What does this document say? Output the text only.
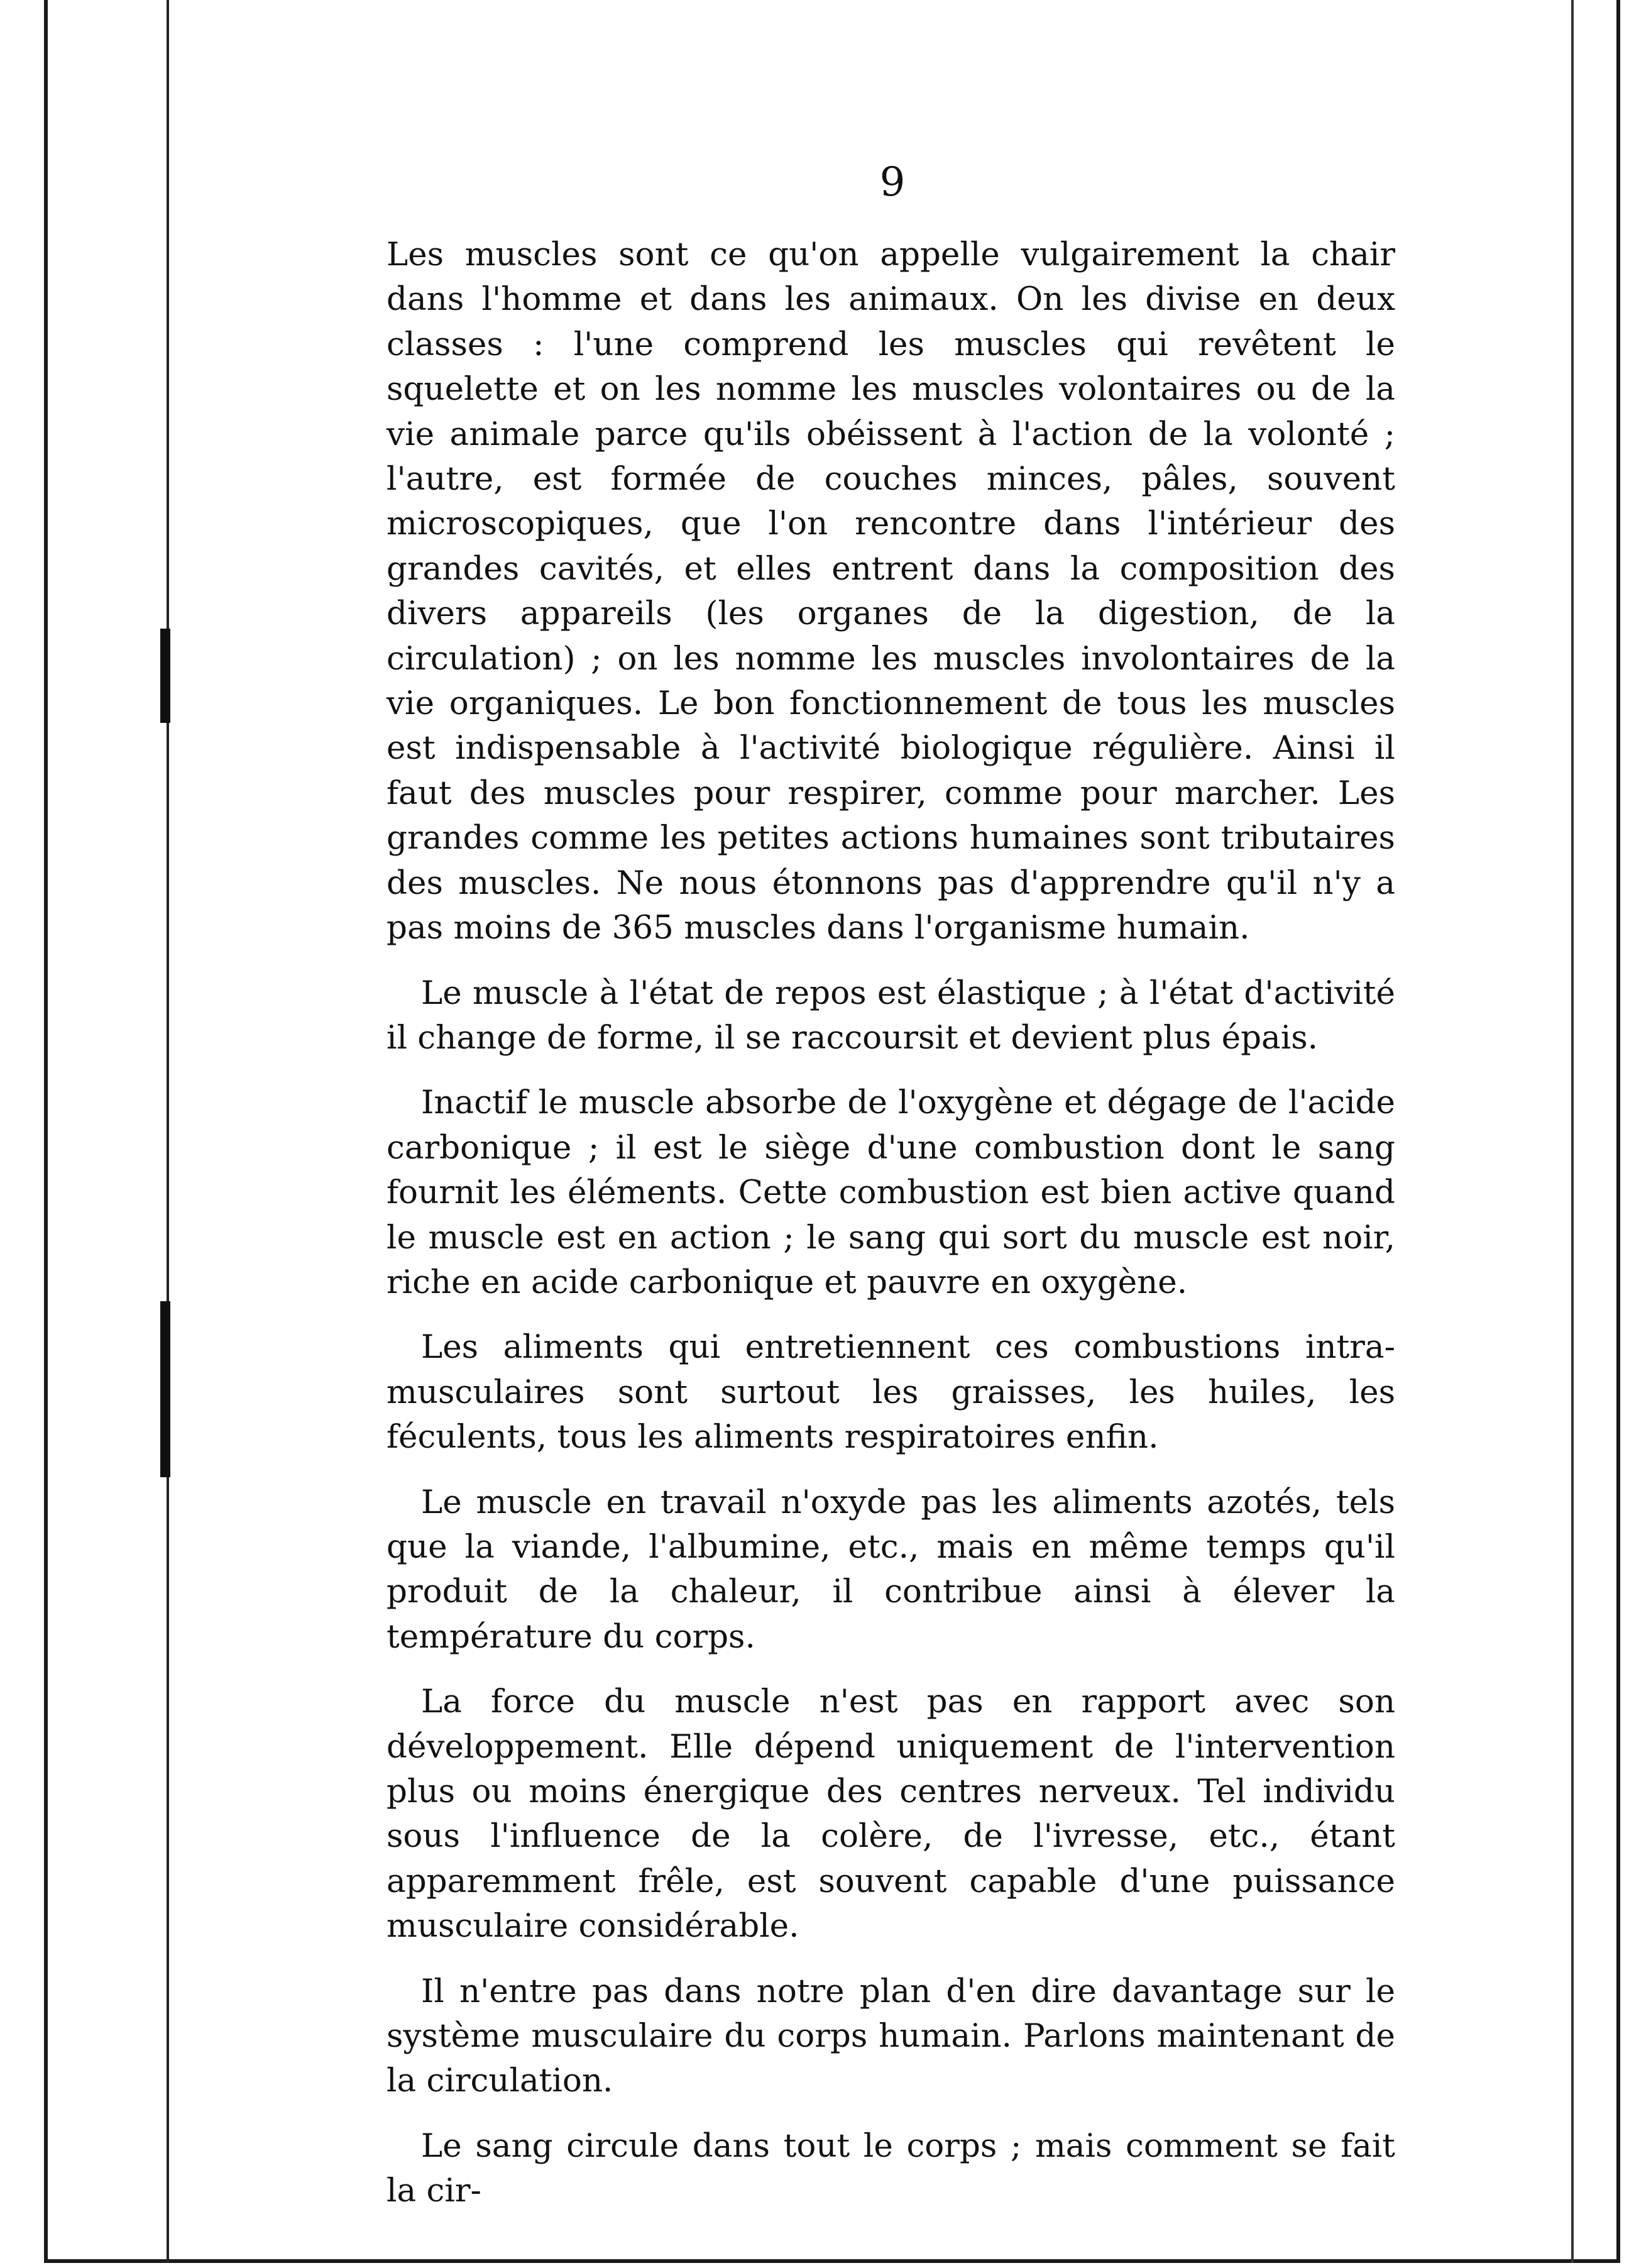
9

Les muscles sont ce qu'on appelle vulgairement la chair dans l'homme et dans les animaux. On les divise en deux classes : l'une comprend les muscles qui revêtent le squelette et on les nomme les muscles volontaires ou de la vie animale parce qu'ils obéissent à l'action de la volonté ; l'autre, est formée de couches minces, pâles, souvent microscopiques, que l'on rencontre dans l'intérieur des grandes cavités, et elles entrent dans la composition des divers appareils (les organes de la digestion, de la circulation) ; on les nomme les muscles involontaires de la vie organiques. Le bon fonctionnement de tous les muscles est indispensable à l'activité biologique régulière. Ainsi il faut des muscles pour respirer, comme pour marcher. Les grandes comme les petites actions humaines sont tributaires des muscles. Ne nous étonnons pas d'apprendre qu'il n'y a pas moins de 365 muscles dans l'organisme humain.

Le muscle à l'état de repos est élastique ; à l'état d'activité il change de forme, il se raccoursit et devient plus épais.

Inactif le muscle absorbe de l'oxygène et dégage de l'acide carbonique ; il est le siège d'une combustion dont le sang fournit les éléments. Cette combustion est bien active quand le muscle est en action ; le sang qui sort du muscle est noir, riche en acide carbonique et pauvre en oxygène.

Les aliments qui entretiennent ces combustions intra-musculaires sont surtout les graisses, les huiles, les féculents, tous les aliments respiratoires enfin.

Le muscle en travail n'oxyde pas les aliments azotés, tels que la viande, l'albumine, etc., mais en même temps qu'il produit de la chaleur, il contribue ainsi à élever la température du corps.

La force du muscle n'est pas en rapport avec son développement. Elle dépend uniquement de l'intervention plus ou moins énergique des centres nerveux. Tel individu sous l'influence de la colère, de l'ivresse, etc., étant apparemment frêle, est souvent capable d'une puissance musculaire considérable.

Il n'entre pas dans notre plan d'en dire davantage sur le système musculaire du corps humain. Parlons maintenant de la circulation.

Le sang circule dans tout le corps ; mais comment se fait la cir-
